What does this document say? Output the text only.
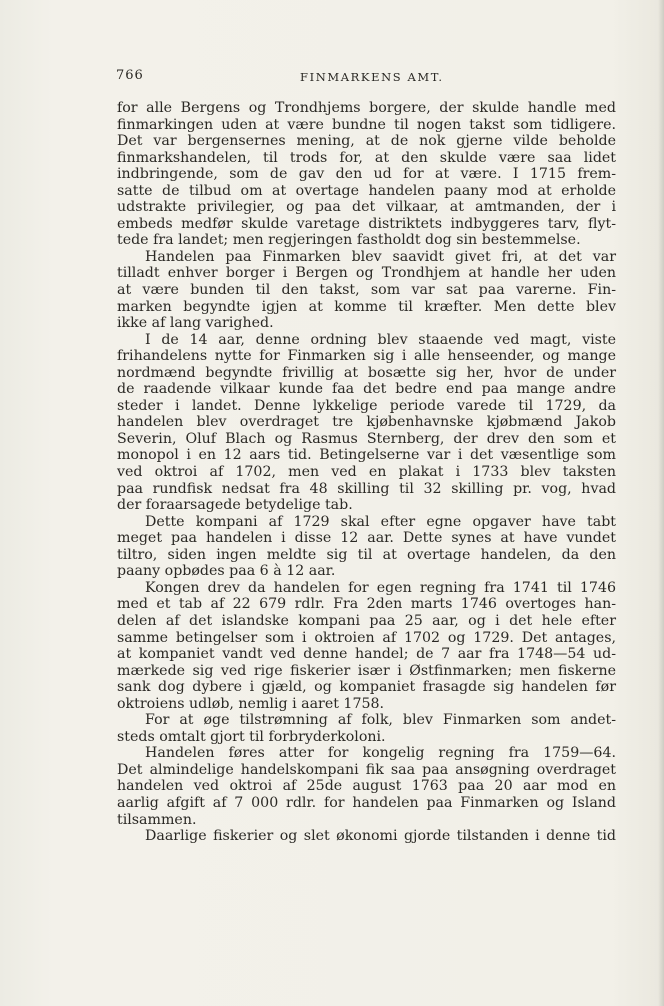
766	FINMARKENS AMT.
for alle Bergens og Trondhjems borgere, der skulde handle med
finmarkingen uden at være bundne til nogen takst som tidligere.
Det var bergensernes mening, at de nok gjerne vilde beholde
finmarkshandelen, til trods for, at den skulde være saa lidet
indbringende, som de gav den ud for at være. I 1715 frem-
satte de tilbud om at overtage handelen paany mod at erholde
udstrakte privilegier, og paa det vilkaar, at amtmanden, der i
embeds medfør skulde varetage distriktets indbyggeres tarv, flyt-
tede fra landet; men regjeringen fastholdt dog sin bestemmelse.
Handelen paa Finmarken blev saavidt givet fri, at det var
tilladt enhver borger i Bergen og Trondhjem at handle her uden
at være bunden til den takst, som var sat paa varerne. Fin-
marken begyndte igjen at komme til kræfter. Men dette blev
ikke af lang varighed.
I de 14 aar, denne ordning blev staaende ved magt, viste
frihandelens nytte for Finmarken sig i alle henseender, og mange
nordmænd begyndte frivillig at bosætte sig her, hvor de under
de raadende vilkaar kunde faa det bedre end paa mange andre
steder i landet. Denne lykkelige periode varede til 1729, da
handelen blev overdraget tre kjøbenhavnske kjøbmænd Jakob
Severin, Oluf Blach og Rasmus Sternberg, der drev den som et
monopol i en 12 aars tid. Betingelserne var i det væsentlige som
ved oktroi af 1702, men ved en plakat i 1733 blev taksten
paa rundfisk nedsat fra 48 skilling til 32 skilling pr. vog, hvad
der foraarsagede betydelige tab.
Dette kompani af 1729 skal efter egne opgaver have tabt
meget paa handelen i disse 12 aar. Dette synes at have vundet
tiltro, siden ingen meldte sig til at overtage handelen, da den
paany opbødes paa 6 à 12 aar.
Kongen drev da handelen for egen regning fra 1741 til 1746
med et tab af 22 679 rdlr. Fra 2den marts 1746 overtoges han-
delen af det islandske kompani paa 25 aar, og i det hele efter
samme betingelser som i oktroien af 1702 og 1729. Det antages,
at kompaniet vandt ved denne handel; de 7 aar fra 1748—54 ud-
mærkede sig ved rige fiskerier især i Østfinmarken; men fiskerne
sank dog dybere i gjæld, og kompaniet frasagde sig handelen før
oktroiens udløb, nemlig i aaret 1758.
For at øge tilstrømning af folk, blev Finmarken som andet-
steds omtalt gjort til forbryderkoloni.
Handelen føres atter for kongelig regning fra 1759—64.
Det almindelige handelskompani fik saa paa ansøgning overdraget
handelen ved oktroi af 25de august 1763 paa 20 aar mod en
aarlig afgift af 7 000 rdlr. for handelen paa Finmarken og Island
tilsammen.
Daarlige fiskerier og slet økonomi gjorde tilstanden i denne tid
